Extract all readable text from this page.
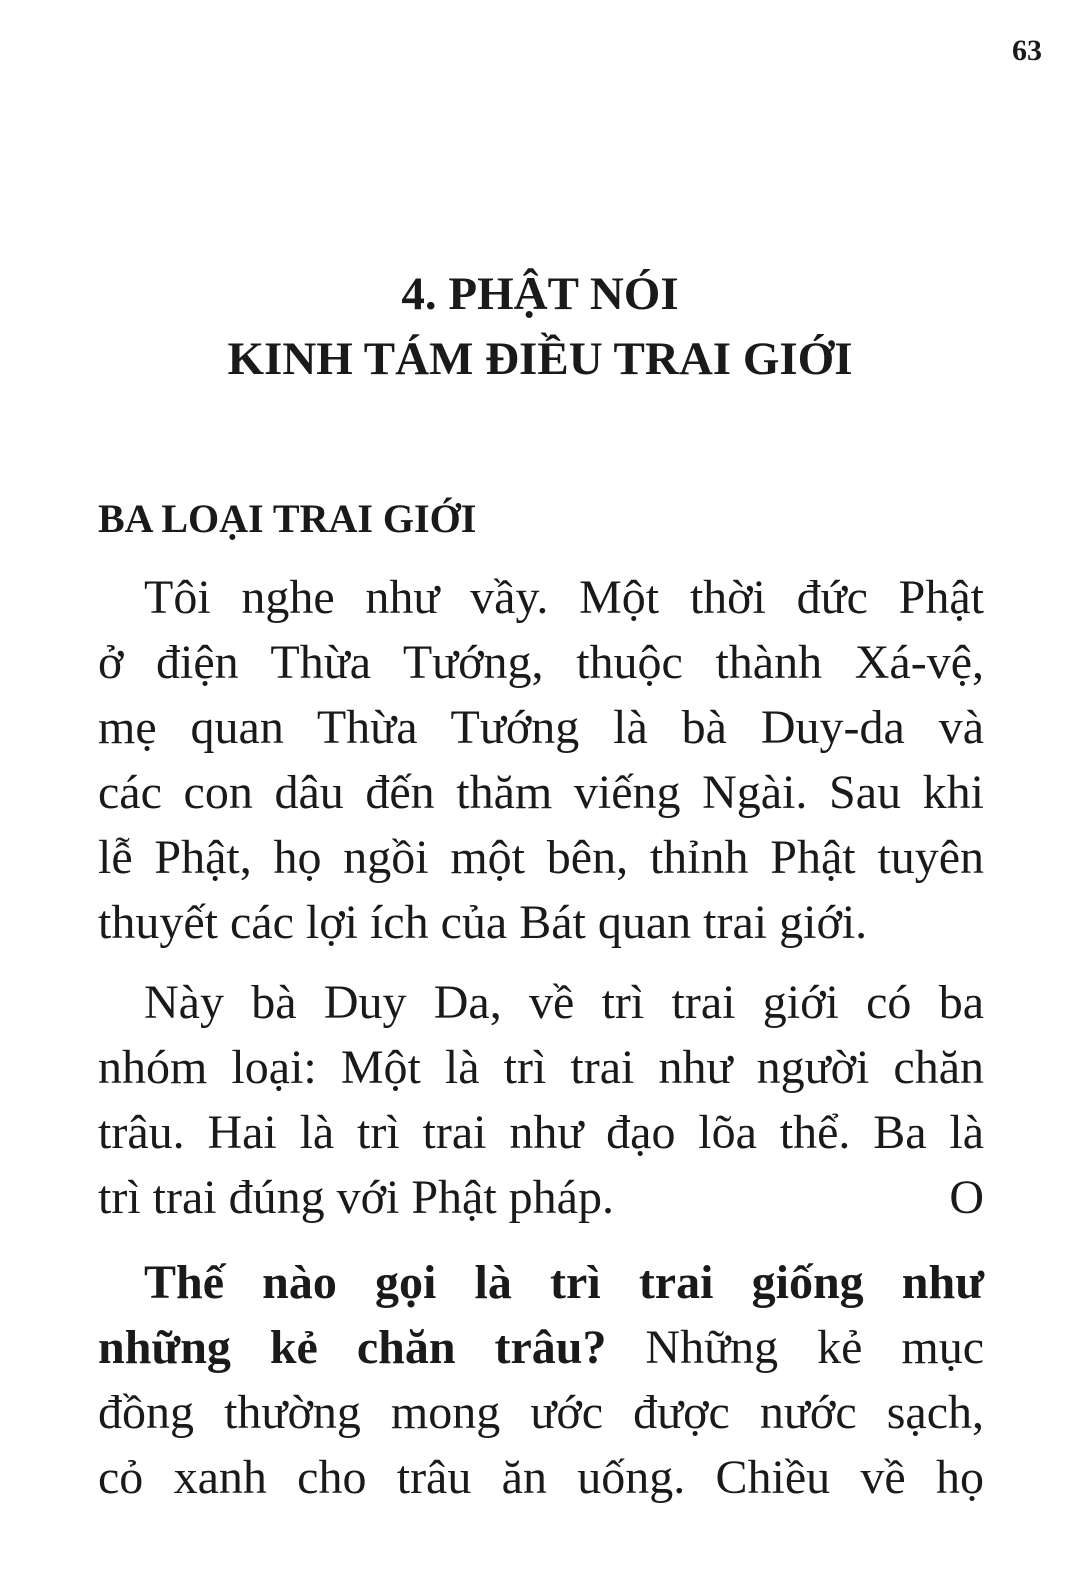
63
4. PHẬT NÓI
KINH TÁM ĐIỀU TRAI GIỚI
BA LOẠI TRAI GIỚI
Tôi nghe như vầy. Một thời đức Phật
ở điện Thừa Tướng, thuộc thành Xá-vệ,
mẹ quan Thừa Tướng là bà Duy-da và
các con dâu đến thăm viếng Ngài. Sau khi
lễ Phật, họ ngồi một bên, thỉnh Phật tuyên
thuyết các lợi ích của Bát quan trai giới.
Này bà Duy Da, về trì trai giới có ba
nhóm loại: Một là trì trai như người chăn
trâu. Hai là trì trai như đạo lõa thể. Ba là
trì trai đúng với Phật pháp.	O
Thế nào gọi là trì trai giống như
những kẻ chăn trâu? Những kẻ mục
đồng thường mong ước được nước sạch,
cỏ xanh cho trâu ăn uống. Chiều về họ
